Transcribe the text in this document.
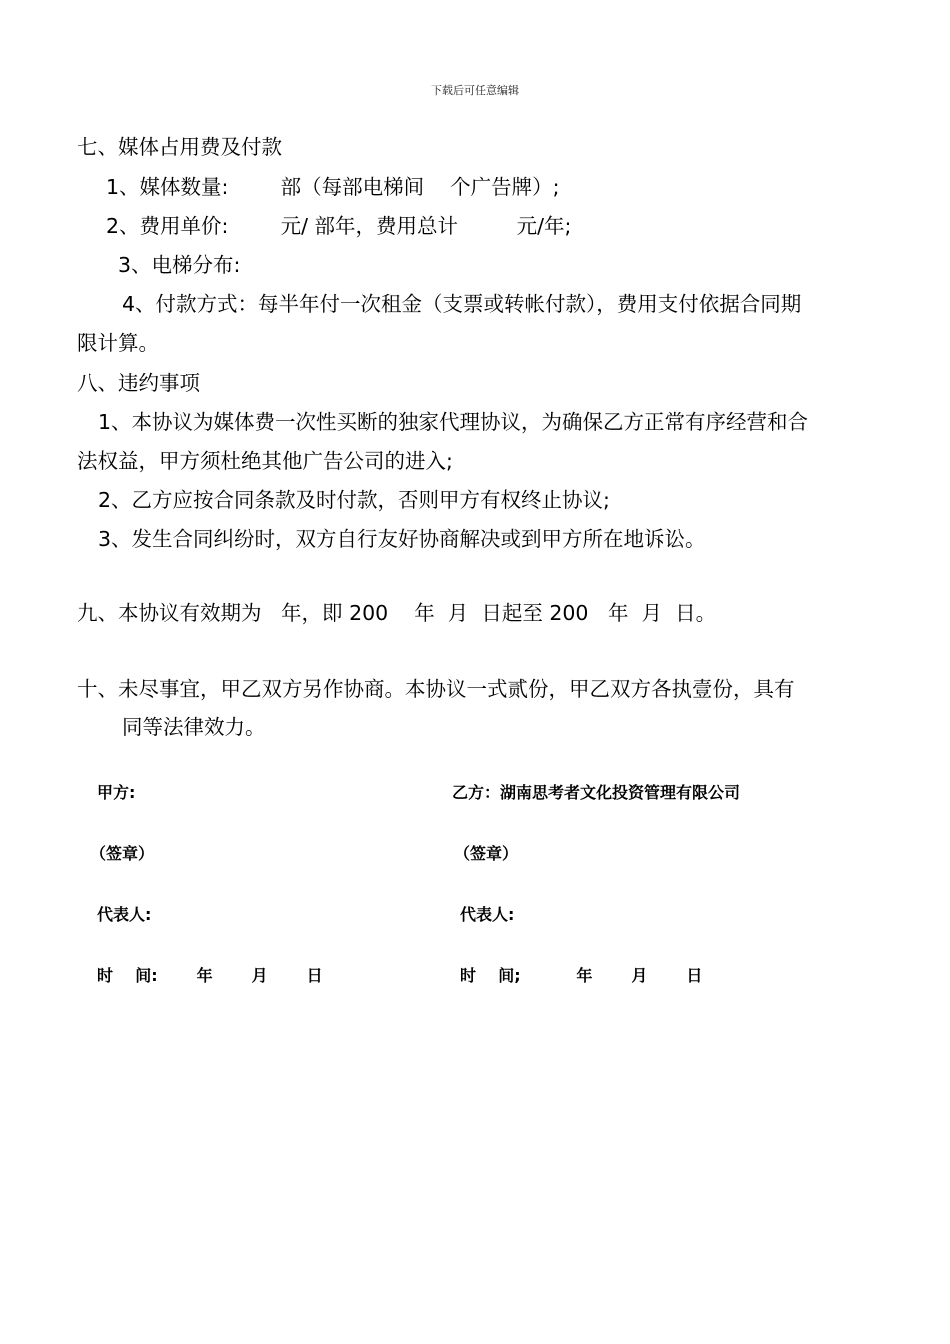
下载后可任意编辑
七、媒体占用费及付款
1、媒体数量:        部（每部电梯间    个广告牌）;
2、费用单价:        元/ 部年，费用总计         元/年;
3、电梯分布:
4、付款方式：每半年付一次租金（支票或转帐付款），费用支付依据合同期
限计算。
八、违约事项
1、本协议为媒体费一次性买断的独家代理协议，为确保乙方正常有序经营和合
法权益，甲方须杜绝其他广告公司的进入;
2、乙方应按合同条款及时付款，否则甲方有权终止协议;
3、发生合同纠纷时，双方自行友好协商解决或到甲方所在地诉讼。
九、本协议有效期为   年，即 200    年  月  日起至 200   年  月  日。
十、未尽事宜，甲乙双方另作协商。本协议一式贰份，甲乙双方各执壹份，具有
同等法律效力。
甲方:	乙方：湖南思考者文化投资管理有限公司
（签章）	（签章）
代表人:	代表人:
时    间:       年       月       日	时    间;          年       月       日
